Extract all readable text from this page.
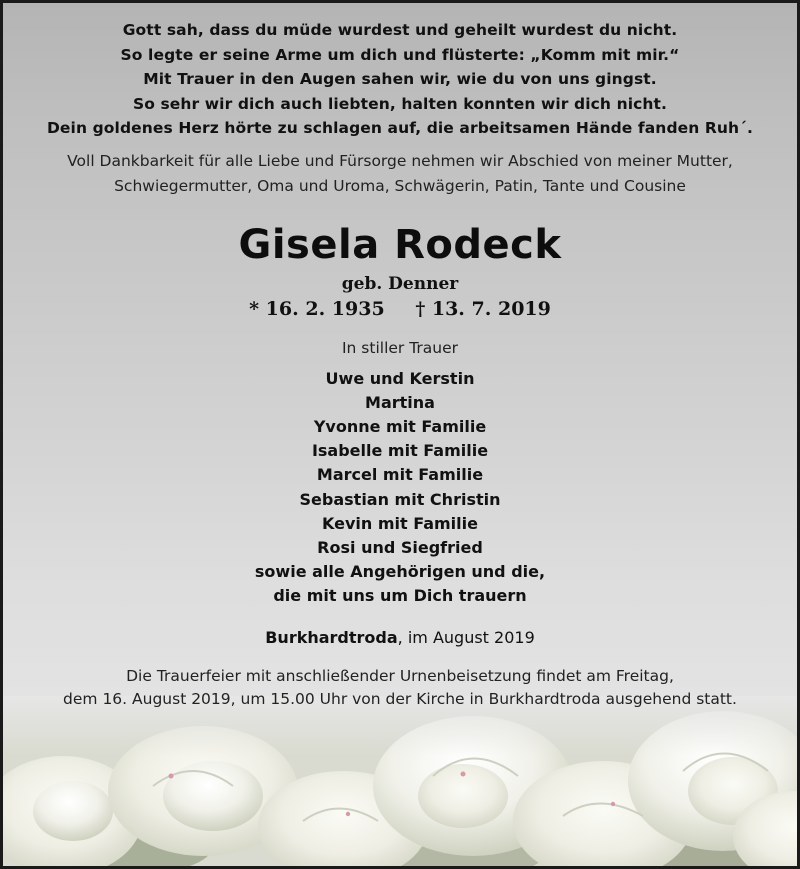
Gott sah, dass du müde wurdest und geheilt wurdest du nicht.
So legte er seine Arme um dich und flüsterte: „Komm mit mir.“
Mit Trauer in den Augen sahen wir, wie du von uns gingst.
So sehr wir dich auch liebten, halten konnten wir dich nicht.
Dein goldenes Herz hörte zu schlagen auf, die arbeitsamen Hände fanden Ruh´.
Voll Dankbarkeit für alle Liebe und Fürsorge nehmen wir Abschied von meiner Mutter,
Schwiegermutter, Oma und Uroma, Schwägerin, Patin, Tante und Cousine
Gisela Rodeck
geb. Denner
* 16. 2. 1935 † 13. 7. 2019
In stiller Trauer
Uwe und Kerstin
Martina
Yvonne mit Familie
Isabelle mit Familie
Marcel mit Familie
Sebastian mit Christin
Kevin mit Familie
Rosi und Siegfried
sowie alle Angehörigen und die,
die mit uns um Dich trauern
Burkhardtroda, im August 2019
Die Trauerfeier mit anschließender Urnenbeisetzung findet am Freitag,
dem 16. August 2019, um 15.00 Uhr von der Kirche in Burkhardtroda ausgehend statt.
